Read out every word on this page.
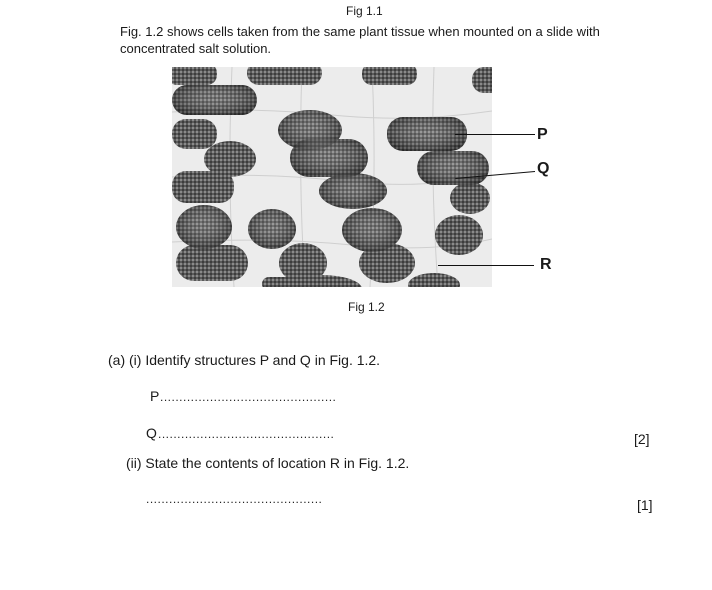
Fig 1.1
Fig. 1.2 shows cells taken from the same plant tissue when mounted on a slide with
concentrated salt solution.
P
Q
R
Fig 1.2
(a) (i) Identify structures P and Q in Fig. 1.2.
P ..............................................
Q ..............................................	[2]
(ii) State the contents of location R in Fig. 1.2.
..............................................	[1]
